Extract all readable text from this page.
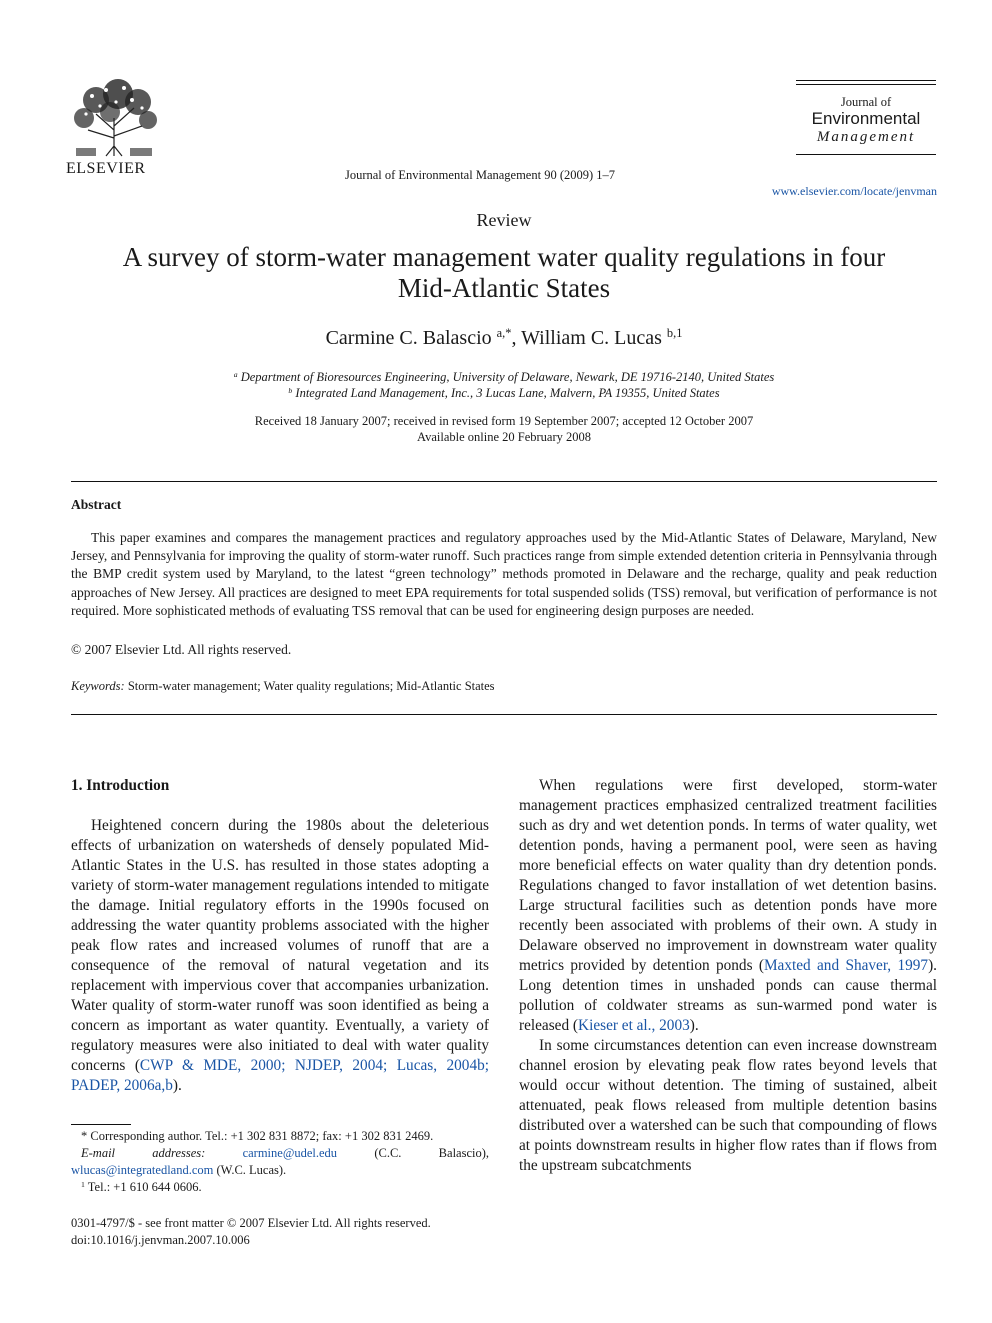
ELSEVIER	Journal of Environmental Management 90 (2009) 1–7
Journal of
Environmental
Management
www.elsevier.com/locate/jenvman
Review
A survey of storm-water management water quality regulations in four Mid-Atlantic States
Carmine C. Balascio $^{a,*}$, William C. Lucas $^{b,1}$
$^a$ Department of Bioresources Engineering, University of Delaware, Newark, DE 19716-2140, United States
$^b$ Integrated Land Management, Inc., 3 Lucas Lane, Malvern, PA 19355, United States
Received 18 January 2007; received in revised form 19 September 2007; accepted 12 October 2007
Available online 20 February 2008
Abstract
This paper examines and compares the management practices and regulatory approaches used by the Mid-Atlantic States of Delaware, Maryland, New Jersey, and Pennsylvania for improving the quality of storm-water runoff. Such practices range from simple extended detention criteria in Pennsylvania through the BMP credit system used by Maryland, to the latest “green technology” methods promoted in Delaware and the recharge, quality and peak reduction approaches of New Jersey. All practices are designed to meet EPA requirements for total suspended solids (TSS) removal, but verification of performance is not required. More sophisticated methods of evaluating TSS removal that can be used for engineering design purposes are needed.
© 2007 Elsevier Ltd. All rights reserved.
Keywords: Storm-water management; Water quality regulations; Mid-Atlantic States
1. Introduction

Heightened concern during the 1980s about the deleterious effects of urbanization on watersheds of densely populated Mid-Atlantic States in the U.S. has resulted in those states adopting a variety of storm-water management regulations intended to mitigate the damage. Initial regulatory efforts in the 1990s focused on addressing the water quantity problems associated with the higher peak flow rates and increased volumes of runoff that are a consequence of the removal of natural vegetation and its replacement with impervious cover that accompanies urbanization. Water quality of storm-water runoff was soon identified as being a concern as important as water quantity. Eventually, a variety of regulatory measures were also initiated to deal with water quality concerns (CWP & MDE, 2000; NJDEP, 2004; Lucas, 2004b; PADEP, 2006a,b).

When regulations were first developed, storm-water management practices emphasized centralized treatment facilities such as dry and wet detention ponds. In terms of water quality, wet detention ponds, having a permanent pool, were seen as having more beneficial effects on water quality than dry detention ponds. Regulations changed to favor installation of wet detention basins. Large structural facilities such as detention ponds have more recently been associated with problems of their own. A study in Delaware observed no improvement in downstream water quality metrics provided by detention ponds (Maxted and Shaver, 1997). Long detention times in unshaded ponds can cause thermal pollution of coldwater streams as sun-warmed pond water is released (Kieser et al., 2003).

In some circumstances detention can even increase downstream channel erosion by elevating peak flow rates beyond levels that would occur without detention. The timing of sustained, albeit attenuated, peak flows released from multiple detention basins distributed over a watershed can be such that compounding of flows at points downstream results in higher flow rates than if flows from the upstream subcatchments

* Corresponding author. Tel.: +1 302 831 8872; fax: +1 302 831 2469.

E-mail addresses:	carmine@udel.edu	(C.C. Balascio), wlucas@integratedland.com (W.C. Lucas).

$^1$ Tel.: +1 610 644 0606.

0301-4797/$ - see front matter © 2007 Elsevier Ltd. All rights reserved.
doi:10.1016/j.jenvman.2007.10.006
